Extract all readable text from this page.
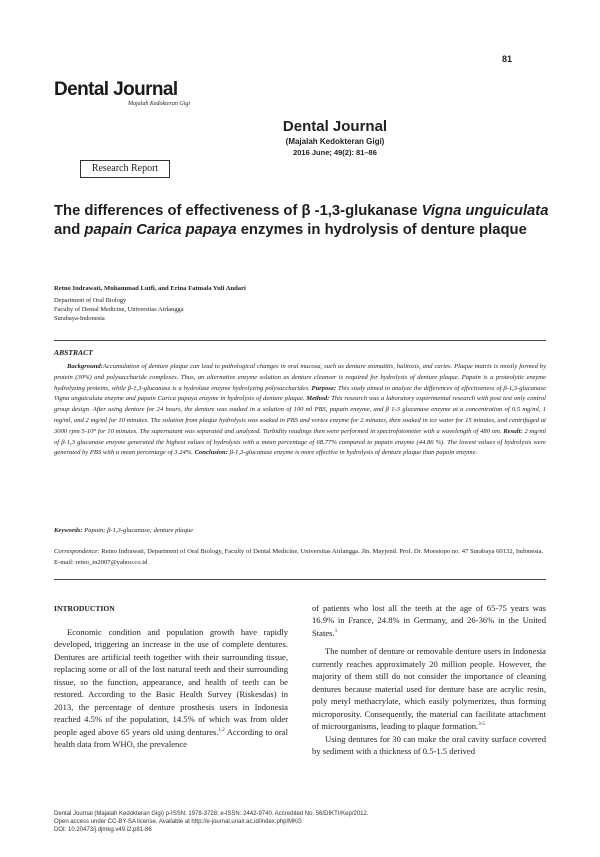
81
Dental Journal
Majalah Kedokteran Gigi
Dental Journal
(Majalah Kedokteran Gigi)
2016 June; 49(2): 81–86
Research Report
The differences of effectiveness of β -1,3-glukanase Vigna unguiculata and papain Carica papaya enzymes in hydrolysis of denture plaque
Retno Indrawati, Muhammad Lutfi, and Erina Fatmala Yuli Andari
Department of Oral Biology
Faculty of Dental Medicine, Universitas Airlangga
Surabaya-Indonesia
ABSTRACT
Background:Accumulation of denture plaque can lead to pathological changes in oral mucosa, such as denture stomatitis, halitosis, and caries. Plaque matrix is mostly formed by protein (30%) and polysaccharide complexes. Thus, an alternative enzyme solution as denture cleanser is required for hydrolysis of denture plaque. Papain is a proteolytic enzyme hydrolyzing proteins, while β-1,3-glucanase is a hydrolase enzyme hydrolyzing polysaccharides. Purpose: This study aimed to analyze the differences of effectiveness of β-1,3-glucanase Vigna unguiculata enzyme and papain Carica papaya enzyme in hydrolysis of denture plaque. Method: This research was a laboratory experimental research with post test only control group design. After using denture for 24 hours, the denture was soaked in a solution of 100 ml PBS, papain enzyme, and β 1-3 glucanase enzyme at a concentration of 0.5 mg/ml, 1 mg/ml, and 2 mg/ml for 10 minutes. The solution from plaque hydrolysis was soaked in PBS and vortex enzyme for 2 minutes, then soaked in ice water for 15 minutes, and centrifuged at 3000 rpm 5-10° for 10 minutes. The supernatant was separated and analyzed. Turbidity readings then were performed in spectrofotometer with a wavelength of 480 nm. Result: 2 mg/ml of β-1,3 glucanase enzyme generated the highest values of hydrolysis with a mean percentage of 68.77% compared to papain enzyme (44.86 %). The lowest values of hydrolysis were generated by PBS with a mean percentage of 3.24%. Conclusion: β-1,3-glucanase enzyme is more effective in hydrolysis of denture plaque than papain enzyme.
Keywords: Papain; β-1,3-glucanase; denture plaque
Correspondence: Retno Indrawati, Department of Oral Biology, Faculty of Dental Medicine, Universitas Airlangga. Jln. Mayjend. Prof. Dr. Moestopo no. 47 Surabaya 60132, Indonesia. E-mail: retno_in2007@yahoo.co.id
INTRODUCTION

Economic condition and population growth have rapidly developed, triggering an increase in the use of complete dentures. Dentures are artificial teeth together with their surrounding tissue, replacing some or all of the lost natural teeth and their surrounding tissue, so the function, appearance, and health of teeth can be restored. According to the Basic Health Survey (Riskesdas) in 2013, the percentage of denture prosthesis users in Indonesia reached 4.5% of the population, 14.5% of which was from older people aged above 65 years old using dentures.$^{1,2}$ According to oral health data from WHO, the prevalence

of patients who lost all the teeth at the age of 65-75 years was 16.9% in France, 24.8% in Germany, and 26-36% in the United States.$^1$

The number of denture or removable denture users in Indonesia currently reaches approximately 20 million people. However, the majority of them still do not consider the importance of cleaning dentures because material used for denture base are acrylic resin, poly metyl methacrylate, which easily polymerizes, thus forming microporosity. Consequently, the material can facilitate attachment of microorganisms, leading to plaque formation.$^{3-5}$

Using dentures for 30 can make the oral cavity surface covered by sediment with a thickness of 0.5-1.5 derived

Dental Journal (Majalah Kedokteran Gigi) p-ISSN: 1978-3728; e-ISSN: 2442-9740. Accredited No. 56/DIKTI/Kep/2012.
Open access under CC-BY-SA license. Available at http://e-journal.unair.ac.id/index.php/MKG
DOI: 10.20473/j.djmkg.v49.i2.p81-86
